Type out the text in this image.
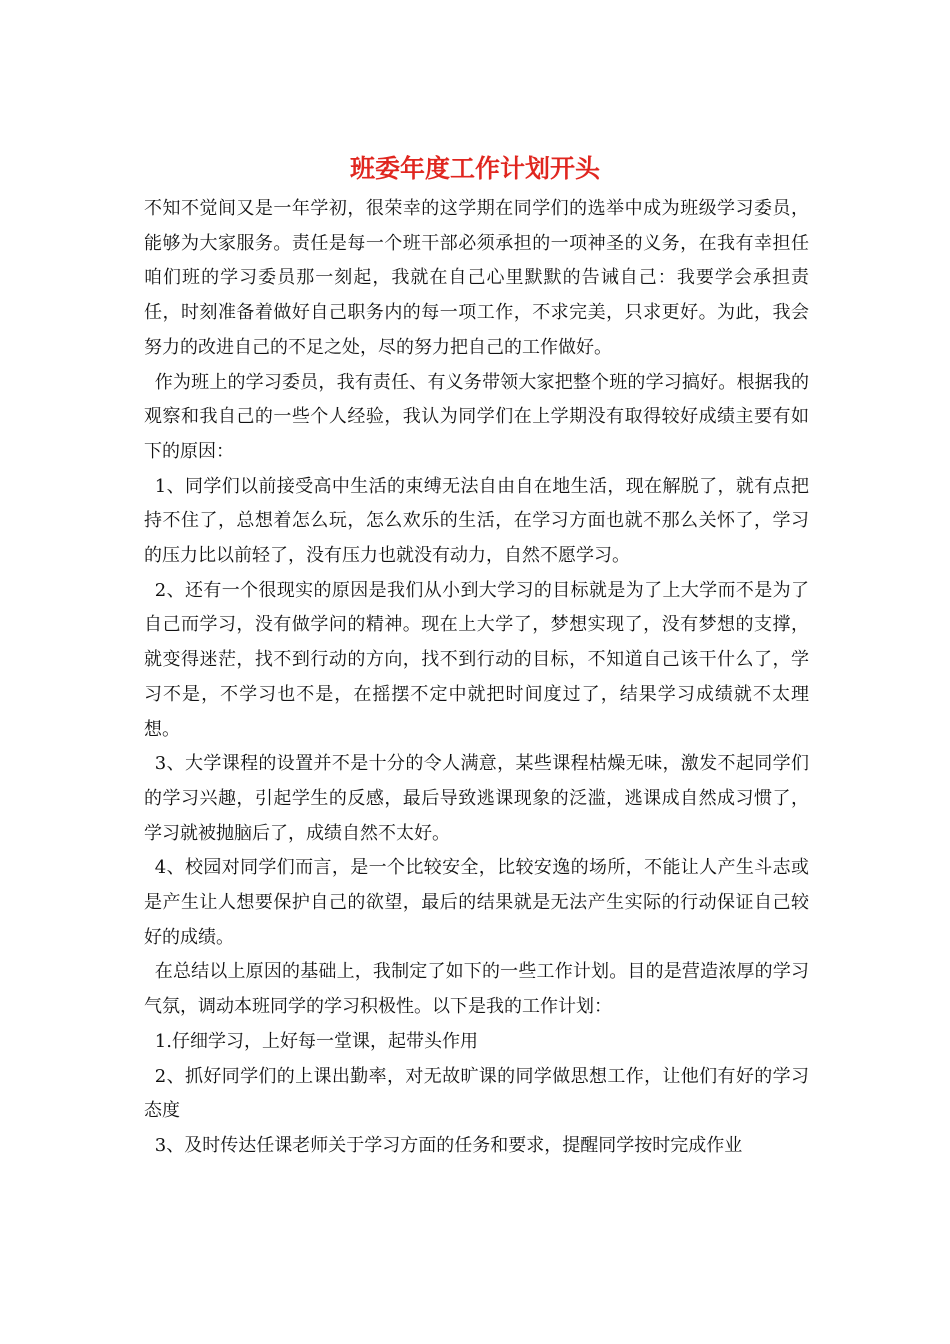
班委年度工作计划开头

不知不觉间又是一年学初，很荣幸的这学期在同学们的选举中成为班级学习委员，能够为大家服务。责任是每一个班干部必须承担的一项神圣的义务，在我有幸担任咱们班的学习委员那一刻起，我就在自己心里默默的告诫自己：我要学会承担责任，时刻准备着做好自己职务内的每一项工作，不求完美，只求更好。为此，我会努力的改进自己的不足之处，尽的努力把自己的工作做好。

作为班上的学习委员，我有责任、有义务带领大家把整个班的学习搞好。根据我的观察和我自己的一些个人经验，我认为同学们在上学期没有取得较好成绩主要有如下的原因：

1、同学们以前接受高中生活的束缚无法自由自在地生活，现在解脱了，就有点把持不住了，总想着怎么玩，怎么欢乐的生活，在学习方面也就不那么关怀了，学习的压力比以前轻了，没有压力也就没有动力，自然不愿学习。

2、还有一个很现实的原因是我们从小到大学习的目标就是为了上大学而不是为了自己而学习，没有做学问的精神。现在上大学了，梦想实现了，没有梦想的支撑，就变得迷茫，找不到行动的方向，找不到行动的目标，不知道自己该干什么了，学习不是，不学习也不是，在摇摆不定中就把时间度过了，结果学习成绩就不太理想。

3、大学课程的设置并不是十分的令人满意，某些课程枯燥无味，激发不起同学们的学习兴趣，引起学生的反感，最后导致逃课现象的泛滥，逃课成自然成习惯了，学习就被抛脑后了，成绩自然不太好。

4、校园对同学们而言，是一个比较安全，比较安逸的场所，不能让人产生斗志或是产生让人想要保护自己的欲望，最后的结果就是无法产生实际的行动保证自己较好的成绩。

在总结以上原因的基础上，我制定了如下的一些工作计划。目的是营造浓厚的学习气氛，调动本班同学的学习积极性。以下是我的工作计划：

1.仔细学习，上好每一堂课，起带头作用

2、抓好同学们的上课出勤率，对无故旷课的同学做思想工作，让他们有好的学习态度

3、及时传达任课老师关于学习方面的任务和要求，提醒同学按时完成作业
